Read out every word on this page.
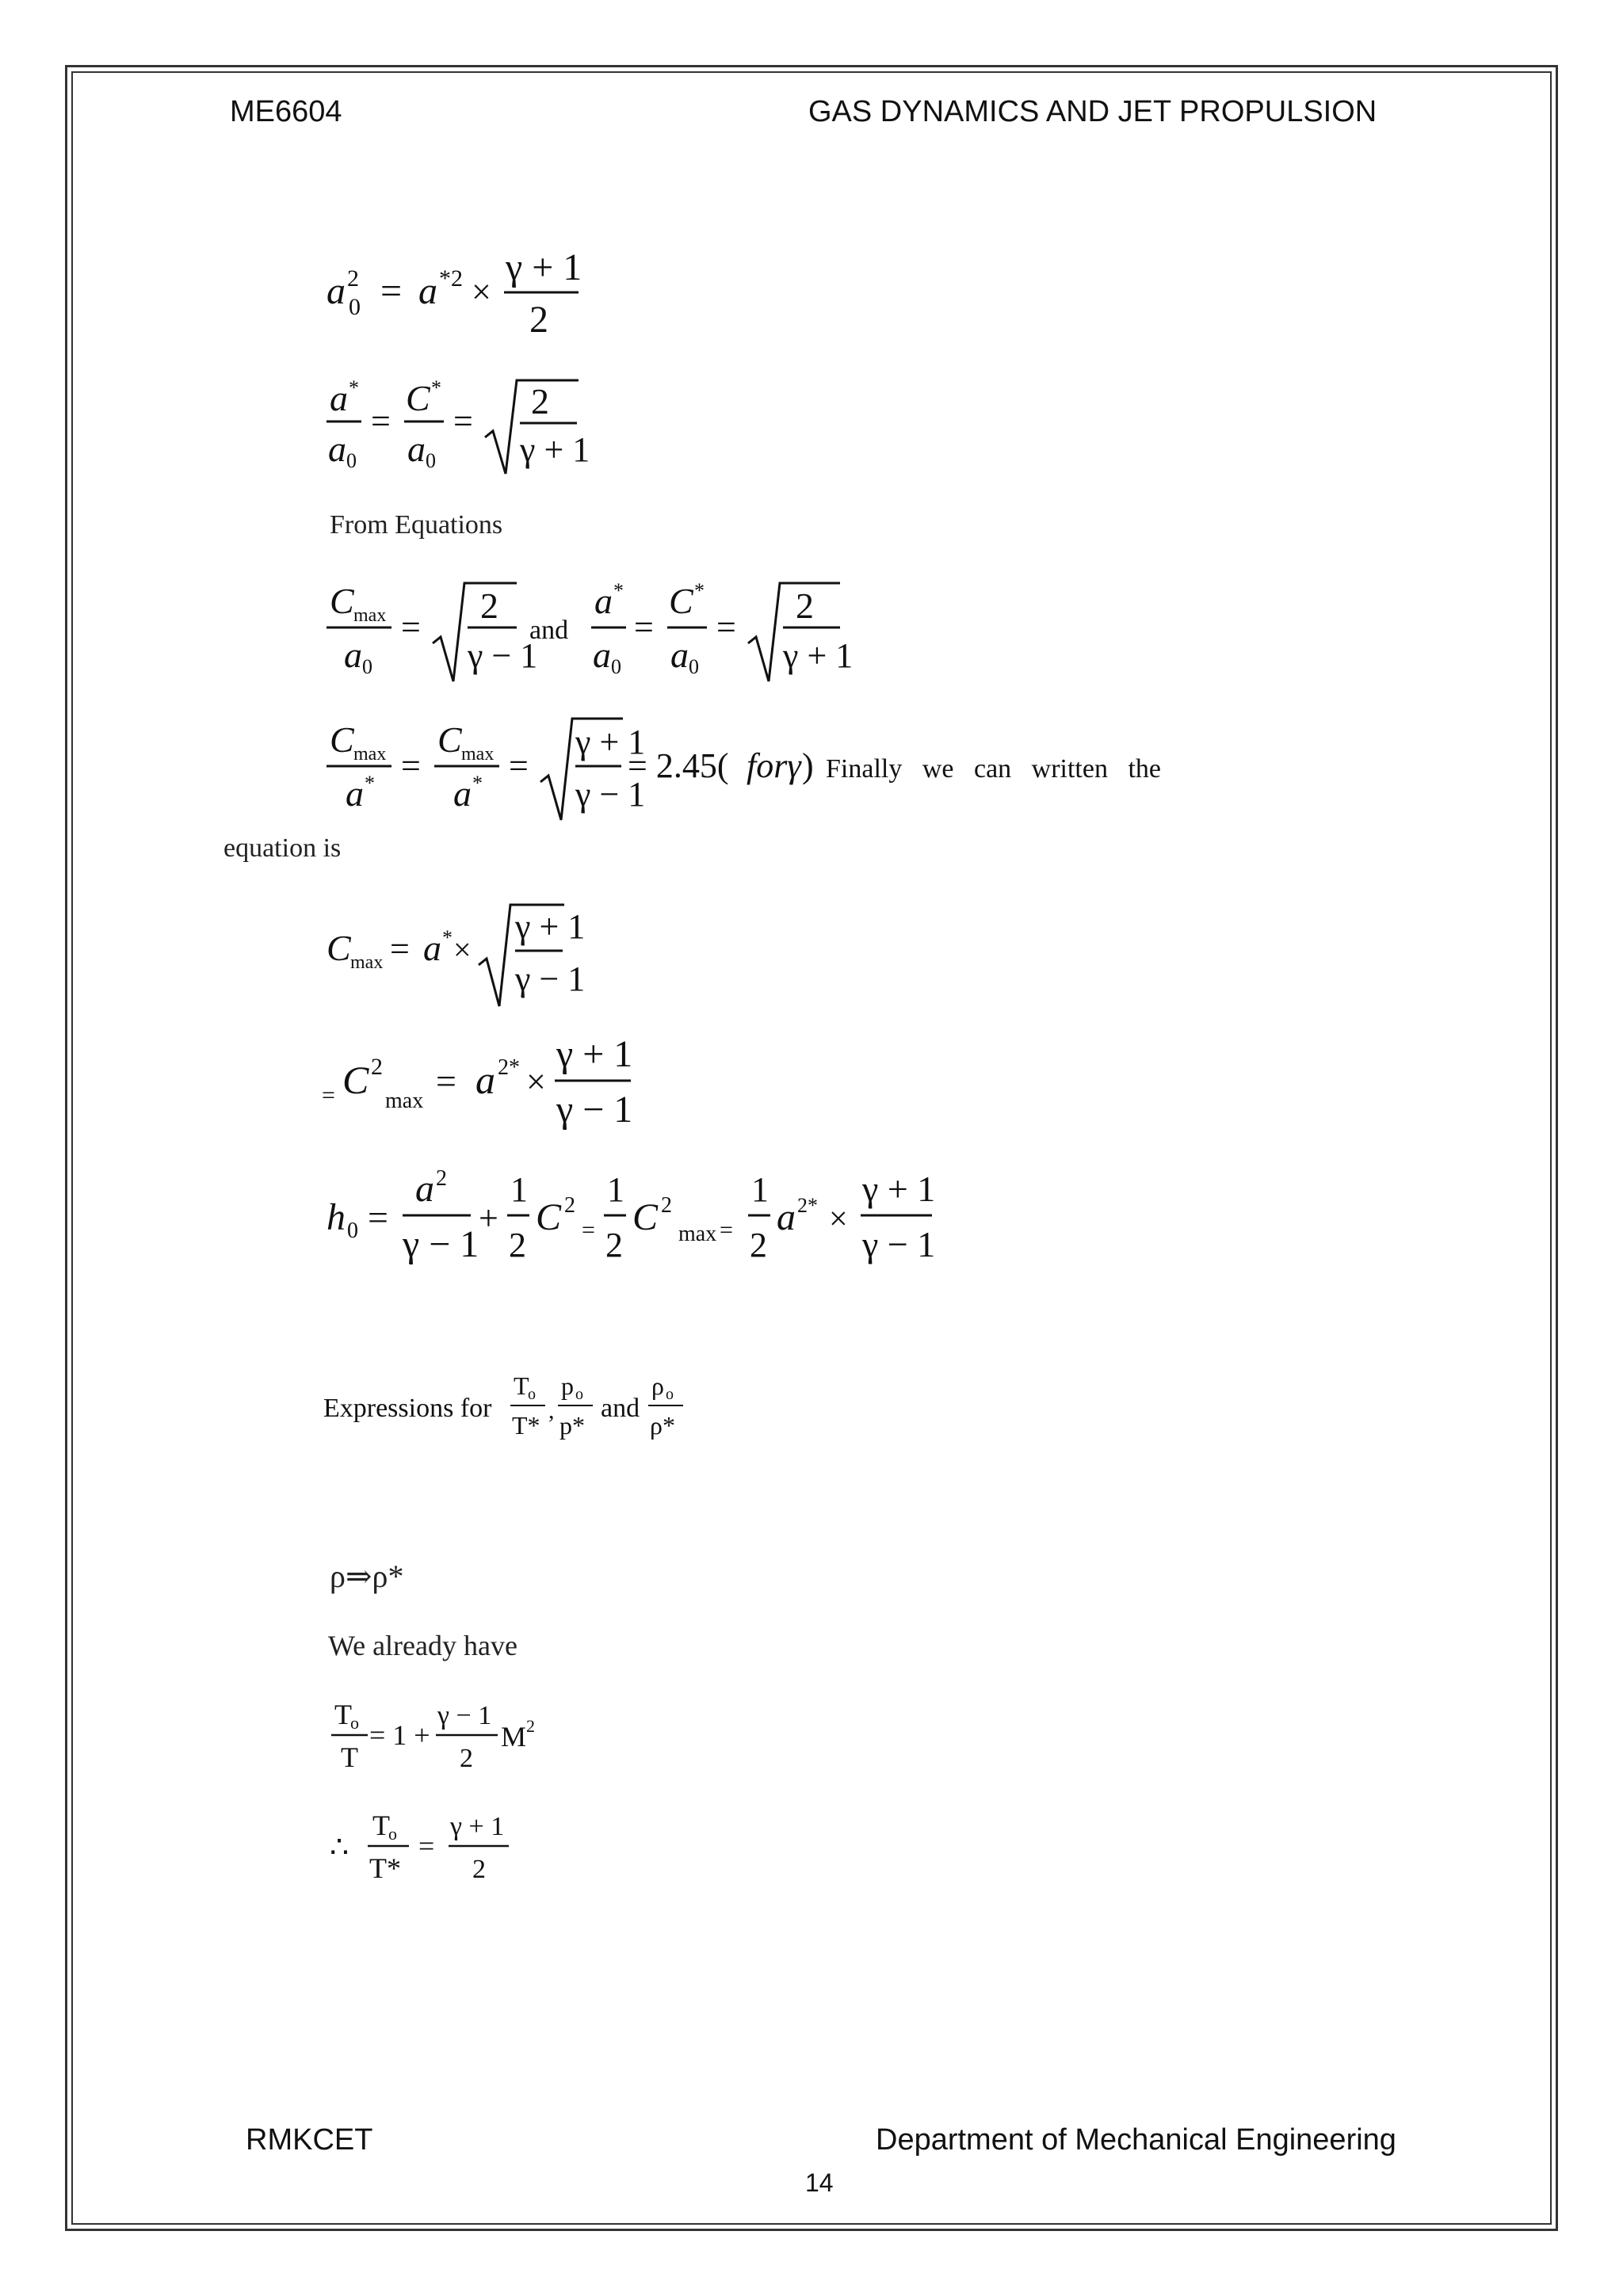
ME6604	GAS DYNAMICS AND JET PROPULSION
a 2
0 = a *2 ×
γ + 1
2
a *
a 0
=
C *
a 0
= 2
γ + 1
From Equations
C max
a 0
=
2
γ − 1
and
a *
a 0
=
C *
a 0
=
2
γ + 1
C max
a * =
C max
a * =
γ + 1
γ − 1
= 2.45( forγ ) Finally   we   can   written   the
equation is
C max = a * ×
γ + 1
γ − 1
= C 2
max = a 2* ×
γ + 1
γ − 1
h 0 =
a 2
γ − 1
+
1
2
C 2
=
1
2
C 2
max =
1
2
a 2* ×
γ + 1
γ − 1
Expressions for
T
o
T*
,
p o
p*
and
ρ o
ρ*
ρ⇒ρ*
We already have
T
o
T
= 1 +
γ − 1
2
M 2
∴
T
o
T*
=
γ + 1
2
RMKCET	Department of Mechanical Engineering
14
